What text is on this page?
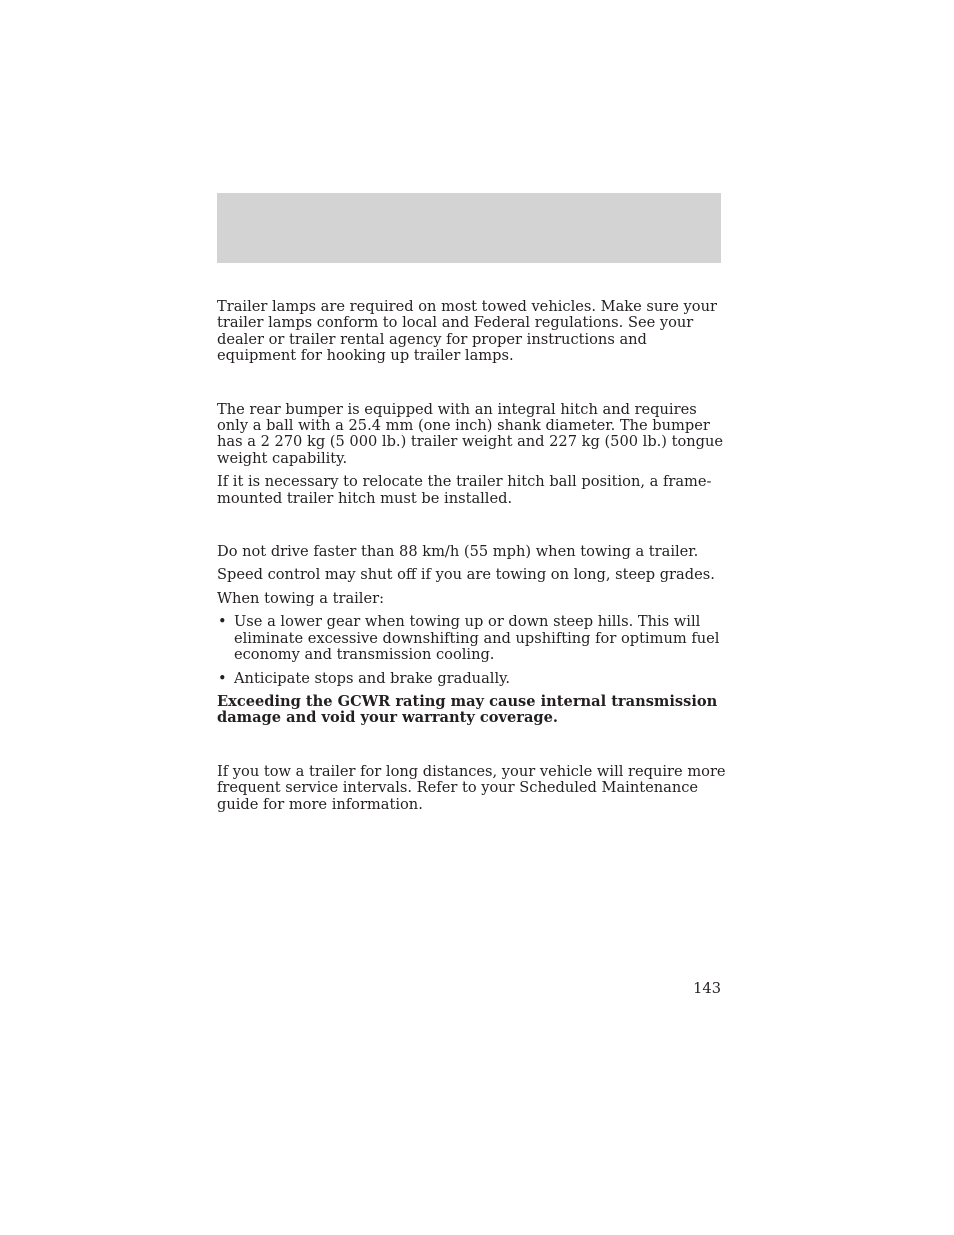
Trailer lamps are required on most towed vehicles. Make sure your trailer lamps conform to local and Federal regulations. See your dealer or trailer rental agency for proper instructions and equipment for hooking up trailer lamps.

The rear bumper is equipped with an integral hitch and requires only a ball with a 25.4 mm (one inch) shank diameter. The bumper has a 2 270 kg (5 000 lb.) trailer weight and 227 kg (500 lb.) tongue weight capability.

If it is necessary to relocate the trailer hitch ball position, a frame-mounted trailer hitch must be installed.

Do not drive faster than 88 km/h (55 mph) when towing a trailer.

Speed control may shut off if you are towing on long, steep grades.

When towing a trailer:

• Use a lower gear when towing up or down steep hills. This will eliminate excessive downshifting and upshifting for optimum fuel economy and transmission cooling.
• Anticipate stops and brake gradually.

Exceeding the GCWR rating may cause internal transmission damage and void your warranty coverage.

If you tow a trailer for long distances, your vehicle will require more frequent service intervals. Refer to your Scheduled Maintenance guide for more information.

143
